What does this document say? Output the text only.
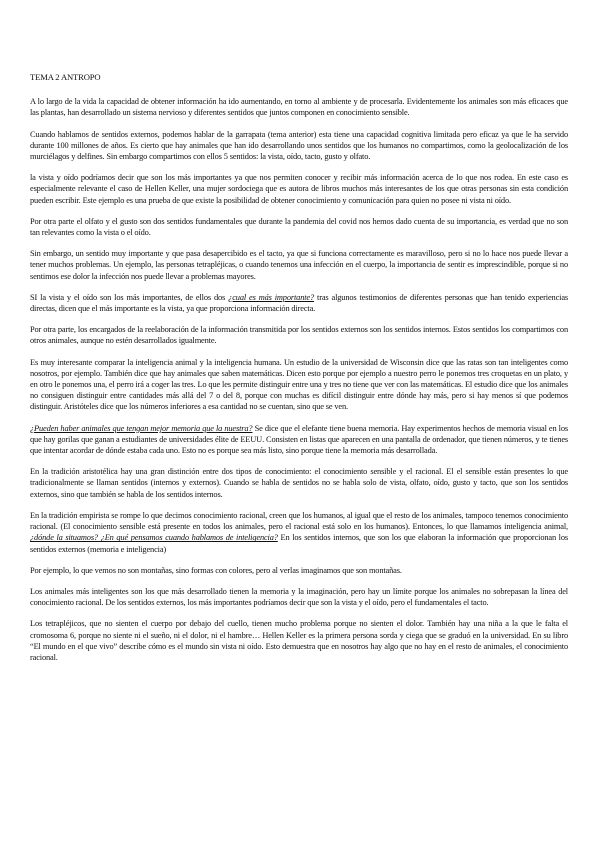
TEMA 2 ANTROPO

A lo largo de la vida la capacidad de obtener información ha ido aumentando, en torno al ambiente y de procesarla. Evidentemente los animales son más eficaces que las plantas, han desarrollado un sistema nervioso y diferentes sentidos que juntos componen en conocimiento sensible.

Cuando hablamos de sentidos externos, podemos hablar de la garrapata (tema anterior) esta tiene una capacidad cognitiva limitada pero eficaz ya que le ha servido durante 100 millones de años. Es cierto que hay animales que han ido desarrollando unos sentidos que los humanos no compartimos, como la geolocalización de los murciélagos y delfines. Sin embargo compartimos con ellos 5 sentidos: la vista, oído, tacto, gusto y olfato.

la vista y oído podríamos decir que son los más importantes ya que nos permiten conocer y recibir más información acerca de lo que nos rodea. En este caso es especialmente relevante el caso de Hellen Keller, una mujer sordociega que es autora de libros muchos más interesantes de los que otras personas sin esta condición pueden escribir. Este ejemplo es una prueba de que existe la posibilidad de obtener conocimiento y comunicación para quien no posee ni vista ni oído.

Por otra parte el olfato y el gusto son dos sentidos fundamentales que durante la pandemia del covid nos hemos dado cuenta de su importancia, es verdad que no son tan relevantes como la vista o el oído.

Sin embargo, un sentido muy importante y que pasa desapercibido es el tacto, ya que si funciona correctamente es maravilloso, pero si no lo hace nos puede llevar a tener muchos problemas. Un ejemplo, las personas tetrapléjicas, o cuando tenemos una infección en el cuerpo, la importancia de sentir es imprescindible, porque si no sentimos ese dolor la infección nos puede llevar a problemas mayores.

SI la vista y el oído son los más importantes, de ellos dos ¿cual es más importante? tras algunos testimonios de diferentes personas que han tenido experiencias directas, dicen que el más importante es la vista, ya que proporciona información directa.

Por otra parte, los encargados de la reelaboración de la información transmitida por los sentidos externos son los sentidos internos. Estos sentidos los compartimos con otros animales, aunque no estén desarrollados igualmente.

Es muy interesante comparar la inteligencia animal y la inteligencia humana. Un estudio de la universidad de Wisconsin dice que las ratas son tan inteligentes como nosotros, por ejemplo. También dice que hay animales que saben matemáticas. Dicen esto porque por ejemplo a nuestro perro le ponemos tres croquetas en un plato, y en otro le ponemos una, el perro irá a coger las tres. Lo que les permite distinguir entre una y tres no tiene que ver con las matemáticas. El estudio dice que los animales no consiguen distinguir entre cantidades más allá del 7 o del 8, porque con muchas es difícil distinguir entre dónde hay más, pero si hay menos sí que podemos distinguir. Aristóteles dice que los números inferiores a esa cantidad no se cuentan, sino que se ven.

¿Pueden haber animales que tengan mejor memoria que la nuestra? Se dice que el elefante tiene buena memoria. Hay experimentos hechos de memoria visual en los que hay gorilas que ganan a estudiantes de universidades élite de EEUU. Consisten en listas que aparecen en una pantalla de ordenador, que tienen números, y te tienes que intentar acordar de dónde estaba cada uno. Esto no es porque sea más listo, sino porque tiene la memoria más desarrollada.

En la tradición aristotélica hay una gran distinción entre dos tipos de conocimiento: el conocimiento sensible y el racional. El el sensible están presentes lo que tradicionalmente se llaman sentidos (internos y externos). Cuando se habla de sentidos no se habla solo de vista, olfato, oído, gusto y tacto, que son los sentidos externos, sino que también se habla de los sentidos internos.

En la tradición empirista se rompe lo que decimos conocimiento racional, creen que los humanos, al igual que el resto de los animales, tampoco tenemos conocimiento racional. (El conocimiento sensible está presente en todos los animales, pero el racional está solo en los humanos). Entonces, lo que llamamos inteligencia animal, ¿dónde la situamos? ¿En qué pensamos cuando hablamos de inteligencia? En los sentidos internos, que son los que elaboran la información que proporcionan los sentidos externos (memoria e inteligencia)

Por ejemplo, lo que vemos no son montañas, sino formas con colores, pero al verlas imaginamos que son montañas.

Los animales más inteligentes son los que más desarrollado tienen la memoria y la imaginación, pero hay un límite porque los animales no sobrepasan la línea del conocimiento racional. De los sentidos externos, los más importantes podríamos decir que son la vista y el oído, pero el fundamentales el tacto.

Los tetrapléjicos, que no sienten el cuerpo por debajo del cuello, tienen mucho problema porque no sienten el dolor. También hay una niña a la que le falta el cromosoma 6, porque no siente ni el sueño, ni el dolor, ni el hambre… Hellen Keller es la primera persona sorda y ciega que se graduó en la universidad. En su libro “El mundo en el que vivo” describe cómo es el mundo sin vista ni oído. Esto demuestra que en nosotros hay algo que no hay en el resto de animales, el conocimiento racional.
